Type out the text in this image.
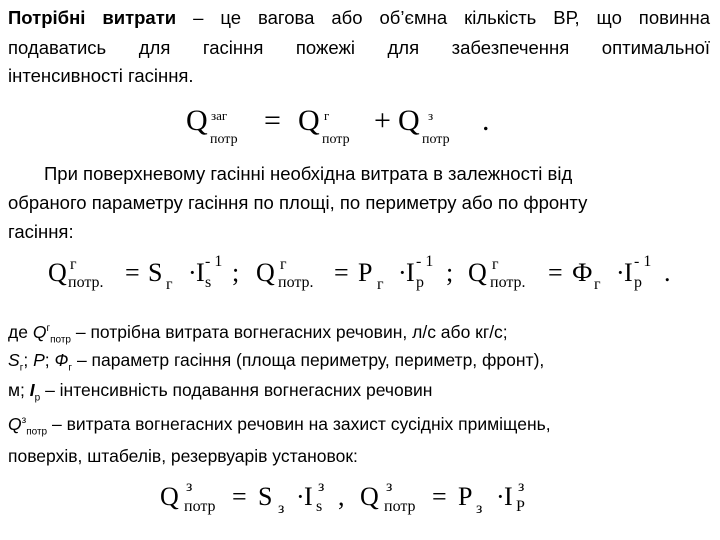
Потрібні витрати – це вагова або об’ємна кількість ВР, що повинна
подаватись для гасіння пожежі для забезпечення оптимальної
інтенсивності гасіння.
Q заг
потр
= Q г
потр
+ Q з
потр
.
При поверхневому гасінні необхідна витрата в залежності від
обраного параметру гасіння по площі, по периметру або по фронту
гасіння:
Q г
потр. = S г · I - 1
s ; Q г
потр. = P г · I - 1
p ; Q г
потр. = Ф г · I - 1
p .
де $Q^г_{потр}$ – потрібна витрата вогнегасних речовин, л/с або кг/с;
$S_г$; P; $Ф_г$ – параметр гасіння (площа периметру, периметр, фронт),
м; $I_р$ – інтенсивність подавання вогнегасних речовин
$Q^з_{потр}$ – витрата вогнегасних речовин на захист сусідніх приміщень,
поверхів, штабелів, резервуарів установок:
Q з
потр = S з · I з
s , Q з
потр = P з · I з
P
